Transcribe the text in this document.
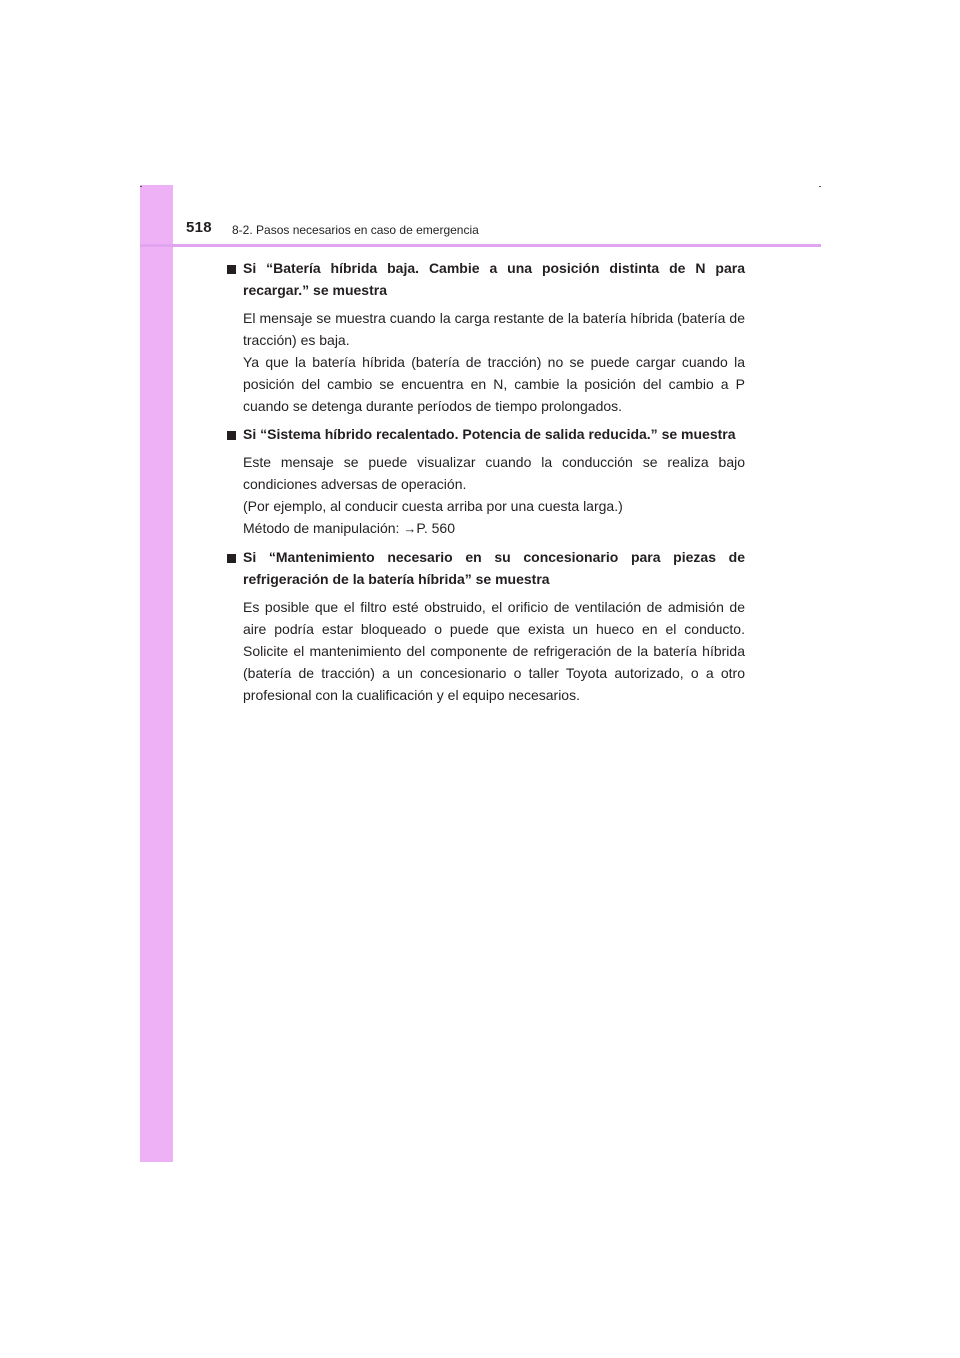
518 8-2. Pasos necesarios en caso de emergencia

Si “Batería híbrida baja. Cambie a una posición distinta de N para recargar.” se muestra

El mensaje se muestra cuando la carga restante de la batería híbrida (batería de tracción) es baja.
Ya que la batería híbrida (batería de tracción) no se puede cargar cuando la posición del cambio se encuentra en N, cambie la posición del cambio a P cuando se detenga durante períodos de tiempo prolongados.

Si “Sistema híbrido recalentado. Potencia de salida reducida.” se muestra

Este mensaje se puede visualizar cuando la conducción se realiza bajo condiciones adversas de operación.
(Por ejemplo, al conducir cuesta arriba por una cuesta larga.)
Método de manipulación: →P. 560

Si “Mantenimiento necesario en su concesionario para piezas de refrigeración de la batería híbrida” se muestra

Es posible que el filtro esté obstruido, el orificio de ventilación de admisión de aire podría estar bloqueado o puede que exista un hueco en el conducto. Solicite el mantenimiento del componente de refrigeración de la batería híbrida (batería de tracción) a un concesionario o taller Toyota autorizado, o a otro profesional con la cualificación y el equipo necesarios.
